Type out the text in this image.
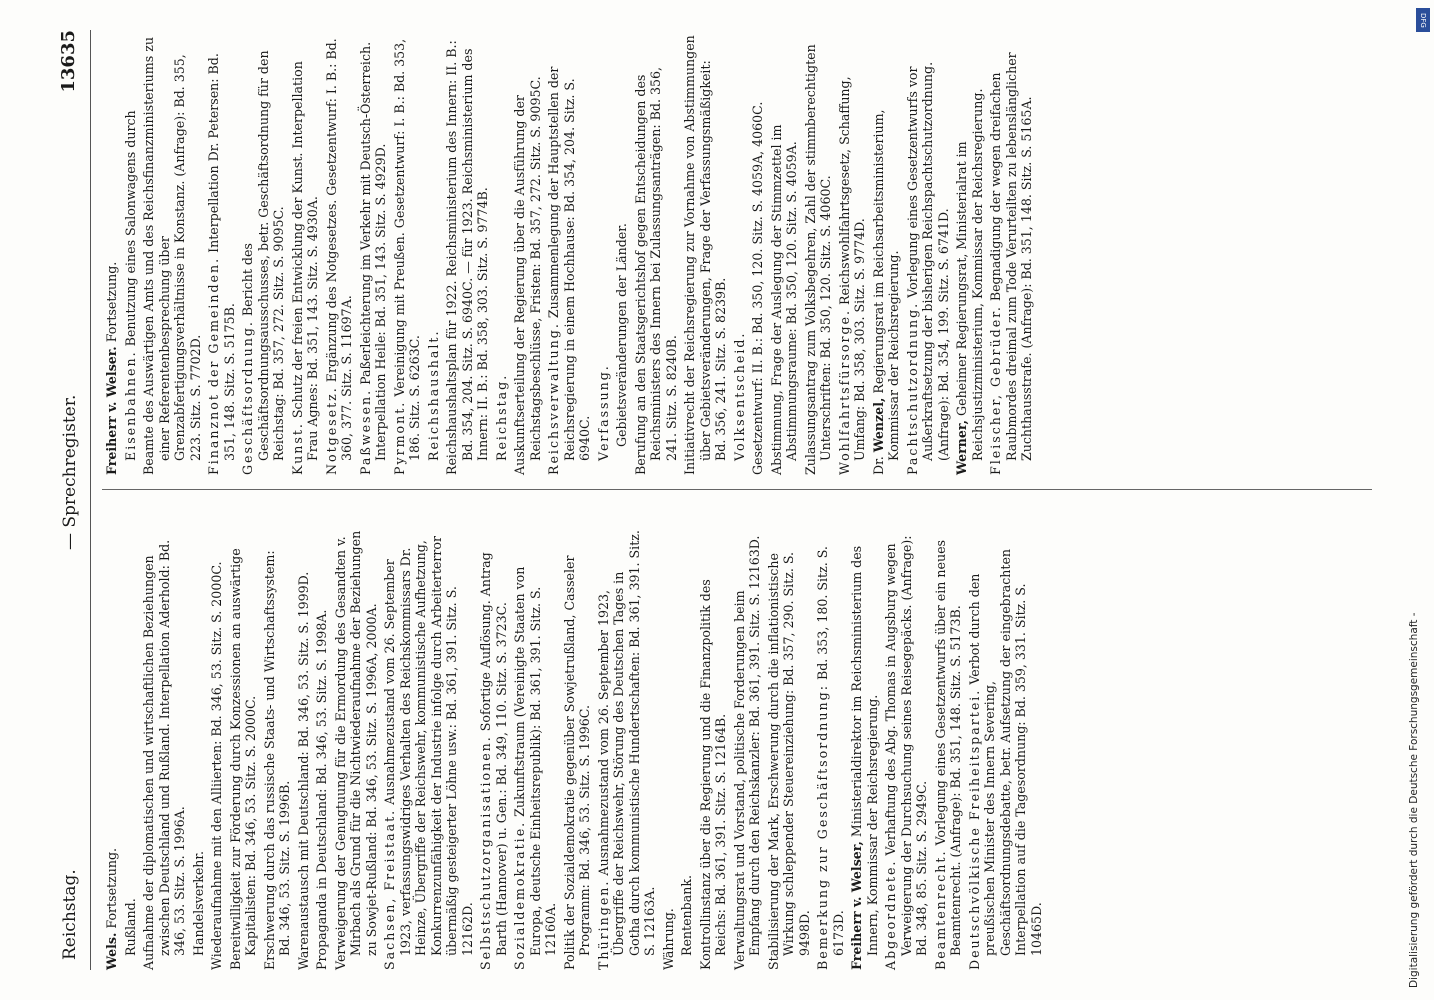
Reichstag.
— Sprechregister.
13635
Wels. Fortsetzung. Rußland. Aufnahme der diplomatischen und wirtschaftlichen Beziehungen zwischen Deutschland und Rußland. Interpellation Aderhold: Bd. 346, 53. Sitz. S. 1996A. Handelsverkehr. Wiederaufnahme mit den Alliierten: Bd. 346, 53. Sitz. S. 2000C. Bereitwilligkeit zur Förderung durch Konzessionen an auswärtige Kapitalisten: Bd. 346, 53. Sitz. S. 2000C. Erschwerung durch das russische Staats- und Wirtschaftssystem: Bd. 346, 53. Sitz. S. 1996B. Warenaustausch mit Deutschland: Bd. 346, 53. Sitz. S. 1999D. Propaganda in Deutschland: Bd. 346, 53. Sitz. S. 1998A. Verweigerung der Genugtuung für die Ermordung des Gesandten v. Mirbach als Grund für die Nichtwiederaufnahme der Beziehungen zu Sowjet-Rußland: Bd. 346, 53. Sitz. S. 1996A, 2000A. Sachsen, Freistaat. Ausnahmezustand vom 26. September 1923, verfassungswidriges Verhalten des Reichskommissars Dr. Heinze, Übergriffe der Reichswehr, kommunistische Aufhetzung, Konkurrenzunfähigkeit der Industrie infolge durch Arbeiterterror übermäßig gesteigerter Löhne usw.: Bd. 361, 391. Sitz. S. 12162D. Selbstschutzorganisationen. Sofortige Auflösung. Antrag Barth (Hannover) u. Gen.: Bd. 349, 110. Sitz. S. 3723C. Sozialdemokratie. Zukunftstraum (Vereinigte Staaten von Europa, deutsche Einheitsrepublik): Bd. 361, 391. Sitz. S. 12160A. Politik der Sozialdemokratie gegenüber Sowjetrußland, Casseler Programm: Bd. 346, 53. Sitz. S. 1996C. Thüringen. Ausnahmezustand vom 26. September 1923, Übergriffe der Reichswehr, Störung des Deutschen Tages in Gotha durch kommunistische Hundertschaften: Bd. 361, 391. Sitz. S. 12163A. Währung. Rentenbank. Kontrollinstanz über die Regierung und die Finanzpolitik des Reichs: Bd. 361, 391. Sitz. S. 12164B. Verwaltungsrat und Vorstand, politische Forderungen beim Empfang durch den Reichskanzler: Bd. 361, 391. Sitz. S. 12163D. Stabilisierung der Mark, Erschwerung durch die inflationistische Wirkung schleppender Steuereinziehung: Bd. 357, 290. Sitz. S. 9498D. Bemerkung zur Geschäftsordnung: Bd. 353, 180. Sitz. S. 6173D. Freiherr v. Welser, Ministerialdirektor im Reichsministerium des Innern, Kommissar der Reichsregierung. Abgeordnete. Verhaftung des Abg. Thomas in Augsburg wegen Verweigerung der Durchsuchung seines Reisegepäcks. (Anfrage): Bd. 348, 85. Sitz. S. 2949C. Beamtenrecht. Vorlegung eines Gesetzentwurfs über ein neues Beamtenrecht. (Anfrage): Bd. 351, 148. Sitz. S. 5173B. Deutschvölkische Freiheitspartei. Verbot durch den preußischen Minister des Innern Severing, Geschäftsordnungsdebatte, betr. Aufsetzung der eingebrachten Interpellation auf die Tagesordnung: Bd. 359, 331. Sitz. S. 10465D.
Freiherr v. Welser. Fortsetzung.
Eisenbahnen. Benutzung eines Salonwagens durch Beamte des Auswärtigen Amts und des Reichsfinanzministeriums zu einer Referentenbesprechung über Grenzabfertigungsverhältnisse in Konstanz. (Anfrage): Bd. 355, 223. Sitz. S. 7702D. Finanznot der Gemeinden. Interpellation Dr. Petersen: Bd. 351, 148. Sitz. S. 5175B. Geschäftsordnung. Bericht des Geschäftsordnungsausschusses, betr. Geschäftsordnung für den Reichstag: Bd. 357, 272. Sitz. S. 9095C. Kunst. Schutz der freien Entwicklung der Kunst. Interpellation Frau Agnes: Bd. 351, 143. Sitz. S. 4930A. Notgesetz. Ergänzung des Notgesetzes. Gesetzentwurf: I. B.: Bd. 360, 377. Sitz. S. 11697A. Paßwesen. Paßerleichterung im Verkehr mit Deutsch-Österreich. Interpellation Heile: Bd. 351, 143. Sitz. S. 4929D. Pyrmont. Vereinigung mit Preußen. Gesetzentwurf: I. B.: Bd. 353, 186. Sitz. S. 6263C. Reichshaushalt. Reichshaushaltsplan für 1922. Reichsministerium des Innern: II. B.: Bd. 354, 204. Sitz. S. 6940C. — für 1923. Reichsministerium des Innern: II. B.: Bd. 358, 303. Sitz. S. 9774B. Reichstag. Auskunftserteilung der Regierung über die Ausführung der Reichstagsbeschlüsse, Fristen: Bd. 357, 272. Sitz. S. 9095C. Reichsverwaltung. Zusammenlegung der Hauptstellen der Reichsregierung in einem Hochhause: Bd. 354, 204. Sitz. S. 6940C. Verfassung. Gebietsveränderungen der Länder. Berufung an den Staatsgerichtshof gegen Entscheidungen des Reichsministers des Innern bei Zulassungsanträgen: Bd. 356, 241. Sitz. S. 8240B. Initiativrecht der Reichsregierung zur Vornahme von Abstimmungen über Gebietsveränderungen, Frage der Verfassungsmäßigkeit: Bd. 356, 241. Sitz. S. 8239B. Volksentscheid. Gesetzentwurf: II. B.: Bd. 350, 120. Sitz. S. 4059A, 4060C. Abstimmung, Frage der Auslegung der Stimmzettel im Abstimmungsraume: Bd. 350, 120. Sitz. S. 4059A. Zulassungsantrag zum Volksbegehren, Zahl der stimmberechtigten Unterschriften: Bd. 350, 120. Sitz. S. 4060C. Wohlfahrtsfürsorge. Reichswohlfahrtsgesetz, Schaffung, Umfang: Bd. 358, 303. Sitz. S. 9774D.
Dr. Wenzel, Regierungsrat im Reichsarbeitsministerium, Kommissar der Reichsregierung. Pachtschutzordnung. Vorlegung eines Gesetzentwurfs vor Außerkraftsetzung der bisherigen Reichspachtschutzordnung. (Anfrage): Bd. 354, 199. Sitz. S. 6741D. Werner, Geheimer Regierungsrat, Ministerialrat im Reichsjustizministerium, Kommissar der Reichsregierung. Fleischer, Gebrüder. Begnadigung der wegen dreifachen Raubmordes dreimal zum Tode Verurteilten zu lebenslänglicher Zuchthausstrafe. (Anfrage): Bd. 351, 148. Sitz. S. 5165A.
Digitalisierung gefördert durch die Deutsche Forschungsgemeinschaft -
DFG
